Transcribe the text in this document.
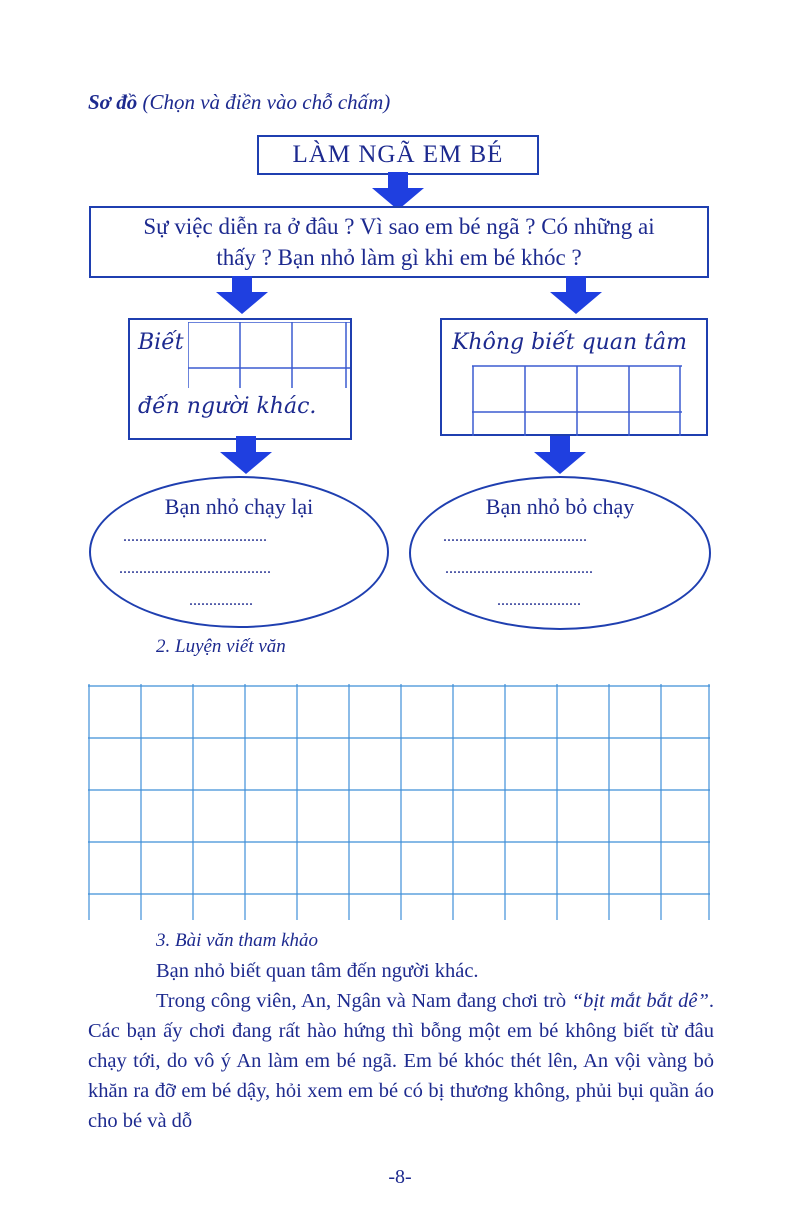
Sơ đồ (Chọn và điền vào chỗ chấm)
LÀM NGÃ EM BÉ
Sự việc diễn ra ở đâu ? Vì sao em bé ngã ? Có những ai
thấy ? Bạn nhỏ làm gì khi em bé khóc ?
Biết
đến người khác.
Không biết quan tâm
Bạn nhỏ chạy lại
....................................
......................................
................
Bạn nhỏ bỏ chạy
....................................
.....................................
.....................
2. Luyện viết văn
3. Bài văn tham khảo
Bạn nhỏ biết quan tâm đến người khác.
Trong công viên, An, Ngân và Nam đang chơi trò “bịt mắt bắt dê”. Các bạn ấy chơi đang rất hào hứng thì bỗng một em bé không biết từ đâu chạy tới, do vô ý An làm em bé ngã. Em bé khóc thét lên, An vội vàng bỏ khăn ra đỡ em bé dậy, hỏi xem em bé có bị thương không, phủi bụi quần áo cho bé và dỗ
-8-
